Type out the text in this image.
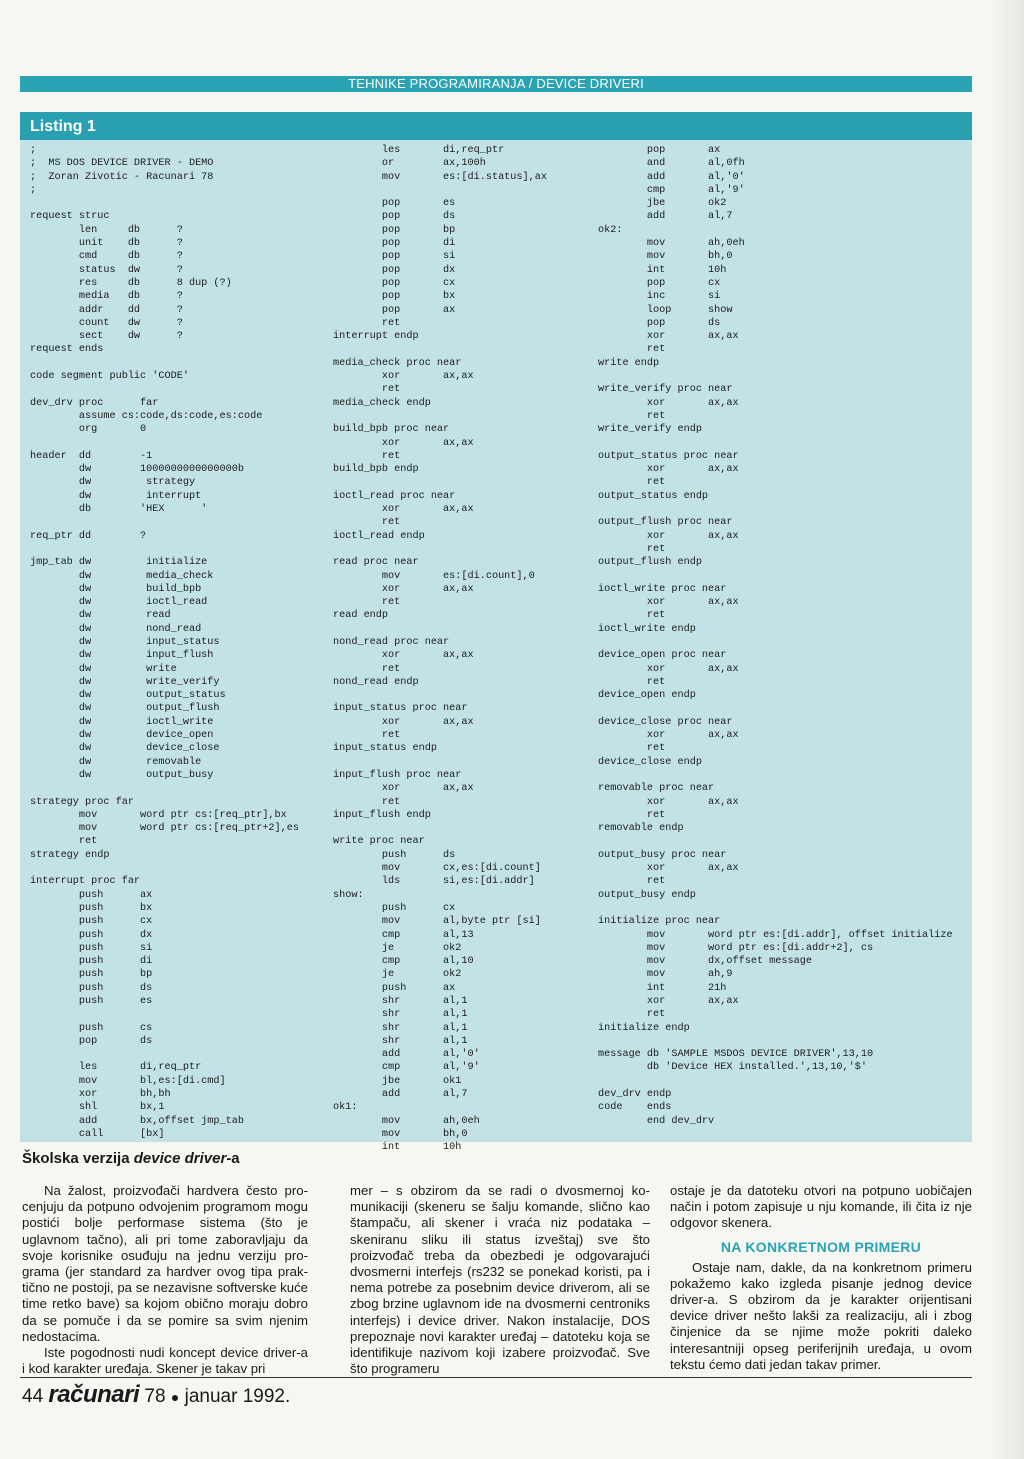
TEHNIKE PROGRAMIRANJA / DEVICE DRIVERI
Listing 1
;
;  MS DOS DEVICE DRIVER - DEMO
;  Zoran Zivotic - Racunari 78
;

request struc
len     db      ?
unit    db      ?
cmd     db      ?
status  dw      ?
res     db      8 dup (?)
media   db      ?
addr    dd      ?
count   dw      ?
sect    dw      ?
request ends

code segment public 'CODE'

dev_drv proc      far
assume cs:code,ds:code,es:code
org       0

header  dd        -1
dw        1000000000000000b
dw         strategy
dw         interrupt
db        'HEX      '

req_ptr dd        ?

jmp_tab dw         initialize
dw         media_check
dw         build_bpb
dw         ioctl_read
dw         read
dw         nond_read
dw         input_status
dw         input_flush
dw         write
dw         write_verify
dw         output_status
dw         output_flush
dw         ioctl_write
dw         device_open
dw         device_close
dw         removable
dw         output_busy

strategy proc far
mov       word ptr cs:[req_ptr],bx
mov       word ptr cs:[req_ptr+2],es
ret
strategy endp

interrupt proc far
push      ax
push      bx
push      cx
push      dx
push      si
push      di
push      bp
push      ds
push      es

push      cs
pop       ds

les       di,req_ptr
mov       bl,es:[di.cmd]
xor       bh,bh
shl       bx,1
add       bx,offset jmp_tab
call      [bx]
les       di,req_ptr
or        ax,100h
mov       es:[di.status],ax

pop       es
pop       ds
pop       bp
pop       di
pop       si
pop       dx
pop       cx
pop       bx
pop       ax
ret
interrupt endp

media_check proc near
xor       ax,ax
ret
media_check endp

build_bpb proc near
xor       ax,ax
ret
build_bpb endp

ioctl_read proc near
xor       ax,ax
ret
ioctl_read endp

read proc near
mov       es:[di.count],0
xor       ax,ax
ret
read endp

nond_read proc near
xor       ax,ax
ret
nond_read endp

input_status proc near
xor       ax,ax
ret
input_status endp

input_flush proc near
xor       ax,ax
ret
input_flush endp

write proc near
push      ds
mov       cx,es:[di.count]
lds       si,es:[di.addr]
show:
push      cx
mov       al,byte ptr [si]
cmp       al,13
je        ok2
cmp       al,10
je        ok2
push      ax
shr       al,1
shr       al,1
shr       al,1
shr       al,1
add       al,'0'
cmp       al,'9'
jbe       ok1
add       al,7
ok1:
mov       ah,0eh
mov       bh,0
int       10h
pop       ax
and       al,0fh
add       al,'0'
cmp       al,'9'
jbe       ok2
add       al,7
ok2:
mov       ah,0eh
mov       bh,0
int       10h
pop       cx
inc       si
loop      show
pop       ds
xor       ax,ax
ret
write endp

write_verify proc near
xor       ax,ax
ret
write_verify endp

output_status proc near
xor       ax,ax
ret
output_status endp

output_flush proc near
xor       ax,ax
ret
output_flush endp

ioctl_write proc near
xor       ax,ax
ret
ioctl_write endp

device_open proc near
xor       ax,ax
ret
device_open endp

device_close proc near
xor       ax,ax
ret
device_close endp

removable proc near
xor       ax,ax
ret
removable endp

output_busy proc near
xor       ax,ax
ret
output_busy endp

initialize proc near
mov       word ptr es:[di.addr], offset initialize
mov       word ptr es:[di.addr+2], cs
mov       dx,offset message
mov       ah,9
int       21h
xor       ax,ax
ret
initialize endp

message db 'SAMPLE MSDOS DEVICE DRIVER',13,10
db 'Device HEX installed.',13,10,'$'

dev_drv endp
code    ends
end dev_drv
Školska verzija device driver-a

Na žalost, proizvođači hardvera često procenjuju da potpuno odvojenim programom mogu postići bolje performase sistema (što je uglavnom tačno), ali pri tome zaboravljaju da svoje korisnike osuđuju na jednu verziju programa (jer standard za hardver ovog tipa praktično ne postoji, pa se nezavisne softverske kuće time retko bave) sa kojom obično moraju dobro da se pomuče i da se pomire sa svim njenim nedostacima.

Iste pogodnosti nudi koncept device driver-a i kod karakter uređaja. Skener je takav pri

mer – s obzirom da se radi o dvosmernoj komunikaciji (skeneru se šalju komande, slično kao štampaču, ali skener i vraća niz podataka – skeniranu sliku ili status izveštaj) sve što proizvođač treba da obezbedi je odgovarajući dvosmerni interfejs (rs232 se ponekad koristi, pa i nema potrebe za posebnim device driverom, ali se zbog brzine uglavnom ide na dvosmerni centroniks interfejs) i device driver. Nakon instalacije, DOS prepoznaje novi karakter uređaj – datoteku koja se identifikuje nazivom koji izabere proizvođač. Sve što programeru

ostaje je da datoteku otvori na potpuno uobičajen način i potom zapisuje u nju komande, ili čita iz nje odgovor skenera.

NA KONKRETNOM PRIMERU

Ostaje nam, dakle, da na konkretnom primeru pokažemo kako izgleda pisanje jednog device driver-a. S obzirom da je karakter orijentisani device driver nešto lakši za realizaciju, ali i zbog činjenice da se njime može pokriti daleko interesantniji opseg periferijnih uređaja, u ovom tekstu ćemo dati jedan takav primer.

44 računari 78 ● januar 1992.
